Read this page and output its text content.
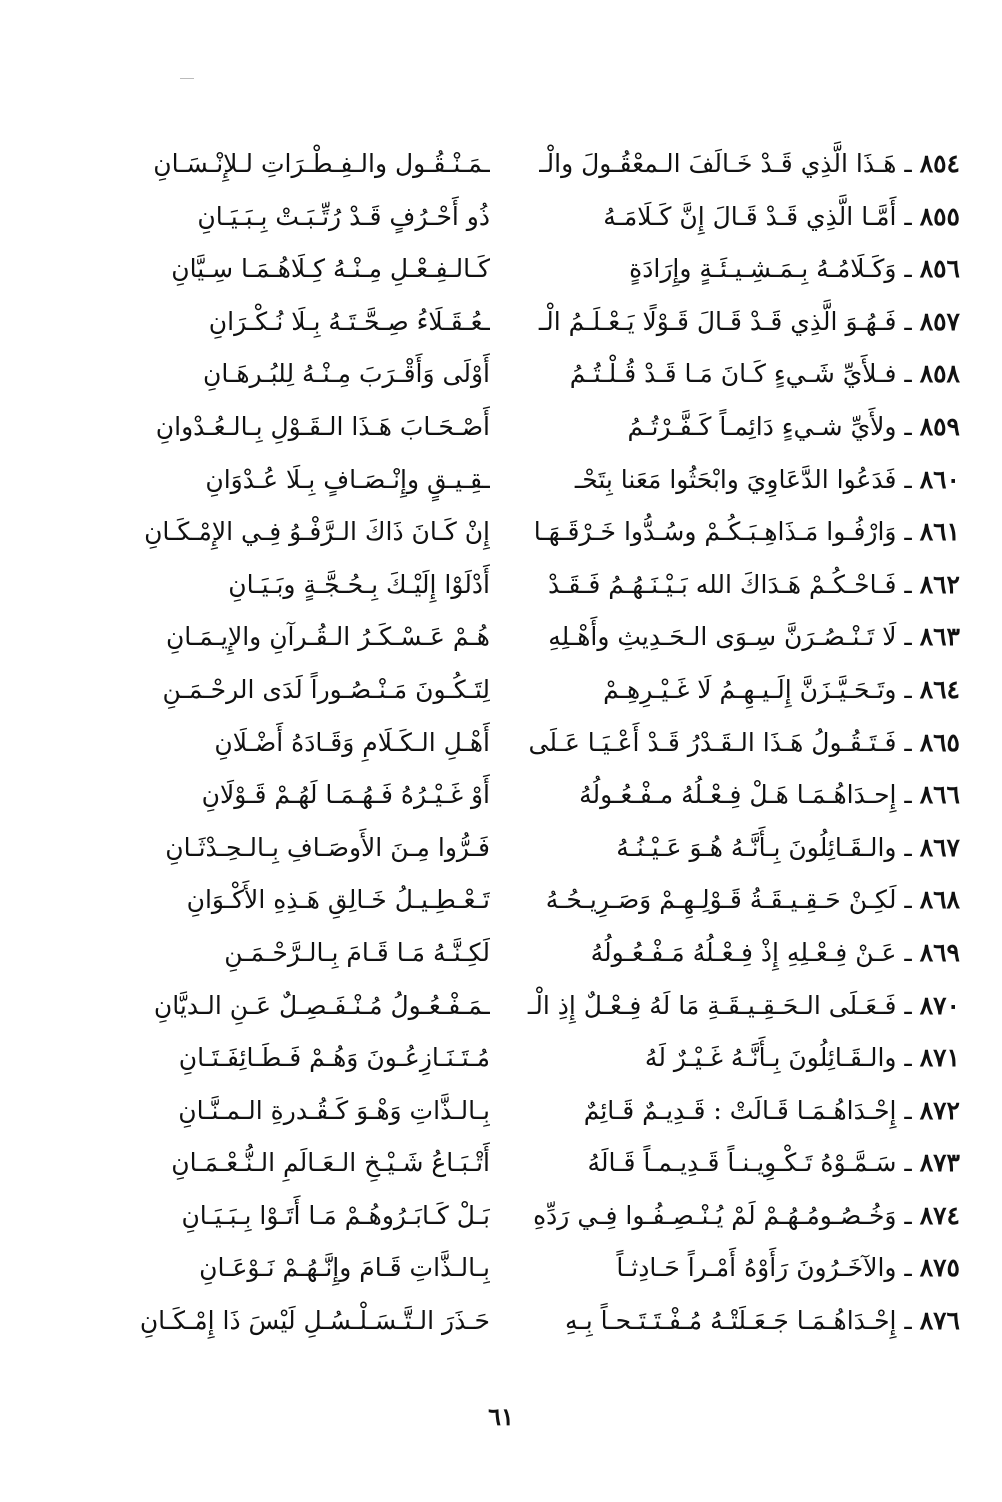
٨٥٤ ـ هَـذَا الَّذِي قَـدْ خَـالَفَ الـمعْقُـولَ والْـ
ـمَـنْـقُـول والـفِـطْـرَاتِ لـلإِنْـسَـانِ
٨٥٥ ـ أَمَّـا الَّذِي قَـدْ قَـالَ إِنَّ كَـلَامَـهُ
ذُو أَحْـرُفٍ قَـدْ رُتِّـبَـتْ بِـبَـيَـانِ
٨٥٦ ـ وَكَـلَامُـهُ بِـمَـشِـيـئَـةٍ وإِرَادَةٍ
كَـالـفِـعْـلِ مِـنْـهُ كِـلَاهُـمَـا سِـيَّانِ
٨٥٧ ـ فَـهُـوَ الَّذِي قَـدْ قَـالَ قَـوْلًا يَـعْـلَـمُ الْـ
ـعُـقَـلَاءُ صِـحَّـتَـهُ بِـلَا نُـكْـرَانِ
٨٥٨ ـ فـلأَيِّ شَـيءٍ كَـانَ مَـا قَـدْ قُـلْـتُـمُ
أَوْلَى وَأَقْـرَبَ مِـنْـهُ لِلبُـرهَـانِ
٨٥٩ ـ ولأَيِّ شـيءٍ دَائِمـاً كَـفَّـرْتُـمُ
أَصْـحَـابَ هَـذَا الـقَـوْلِ بِـالـعُـدْوانِ
٨٦٠ ـ فَدَعُوا الدَّعَاوِيَ وابْحَثُوا مَعَنا بِتَحْـ
ـقِـيـقٍ وإِنْـصَـافٍ بِـلَا عُـدْوَانِ
٨٦١ ـ وَارْفُـوا مَـذَاهِـبَـكُـمْ وسُـدُّوا خَـرْقَـهَـا
إِنْ كَـانَ ذَاكَ الـرَّفْـوُ فِـي الإِمْـكَـانِ
٨٦٢ ـ فَـاحْـكُـمْ هَـدَاكَ الله بَـيْـنَـهُـمُ فَـقَـدْ
أَدْلَوْا إِلَيْـكَ بِـحُـجَّـةٍ وبَـيَـانِ
٨٦٣ ـ لَا تَـنْـصُـرَنَّ سِـوَى الـحَـدِيثِ وأَهْـلِهِ
هُـمْ عَـسْـكَـرُ الـقُـرآنِ والإِيـمَـانِ
٨٦٤ ـ وتَـحَـيَّـزَنَّ إِلَـيـهِـمُ لَا غَـيْـرِهِـمْ
لِتَـكُـونَ مَـنْـصُـوراً لَدَى الرحْـمَـنِ
٨٦٥ ـ فَـتَـقُـولُ هَـذَا الـقَـدْرُ قَـدْ أَعْـيَـا عَـلَى
أَهْـلِ الـكَـلَامِ وَقَـادَهُ أَضْـلَانِ
٨٦٦ ـ إِحـدَاهُـمَـا هَـلْ فِـعْـلُهُ مـفْـعُـولُهُ
أَوْ غَـيْـرُهُ فَـهُـمَـا لَهُـمْ قَـوْلَانِ
٨٦٧ ـ والـقَـائِلُونَ بِـأَنَّـهُ هُـوَ عَـيْـنُـهُ
فَـرُّوا مِـنَ الأَوصَـافِ بِـالـحِـدْثَـانِ
٨٦٨ ـ لَكِـنْ حَـقِـيـقَـةُ قَـوْلِـهِـمْ وَصَـرِيـحُـهُ
تَـعْـطِـيـلُ خَـالِقِ هَـذِهِ الأَكْـوَانِ
٨٦٩ ـ عَـنْ فِـعْـلِهِ إِذْ فِـعْـلُهُ مَـفْـعُـولُهُ
لَكِـنَّـهُ مَـا قَـامَ بِـالـرَّحْـمَـنِ
٨٧٠ ـ فَـعَـلَى الـحَـقِـيـقَـةِ مَا لَهُ فِـعْـلٌ إِذِ الْـ
ـمَـفْـعُـولُ مُـنْـفَـصِـلٌ عَـنِ الـديَّانِ
٨٧١ ـ والـقَـائِلُونَ بِـأَنَّـهُ غَـيْـرٌ لَهُ
مُـتَـنَـازِعُـونَ وَهُـمْ فَـطَـائِفَـتَـانِ
٨٧٢ ـ إِحْـدَاهُـمَـا قَـالَتْ : قَـدِيـمٌ قَـائِمٌ
بِـالـذَّاتِ وَهْـوَ كَـقُـدرةِ الـمـنَّـانِ
٨٧٣ ـ سَـمَّـوْهُ تَـكْـوِيـنـاً قَـدِيـمـاً قَـالَهُ
أَتْـبَـاعُ شَـيْـخِ الـعَـالَمِ الـنُّـعْـمَـانِ
٨٧٤ ـ وَخُـصُـومُـهُـمْ لَمْ يُـنْـصِـفُـوا فِـي رَدِّهِ
بَـلْ كَـابَـرُوهُـمْ مَـا أَتَـوْا بِـبَـيَـانِ
٨٧٥ ـ والآخَـرُونَ رَأَوْهُ أَمْـراً حَـادِثـاً
بِـالـذَّاتِ قَـامَ وإِنَّـهُـمْ نَـوْعَـانِ
٨٧٦ ـ إِحْـدَاهُـمَـا جَـعَـلَتْـهُ مُـفْـتَـتَـحـاً بِـهِ
حَـذَرَ الـتَّـسَـلْـسُـلِ لَيْسَ ذَا إِمْـكَـانِ
٦١
